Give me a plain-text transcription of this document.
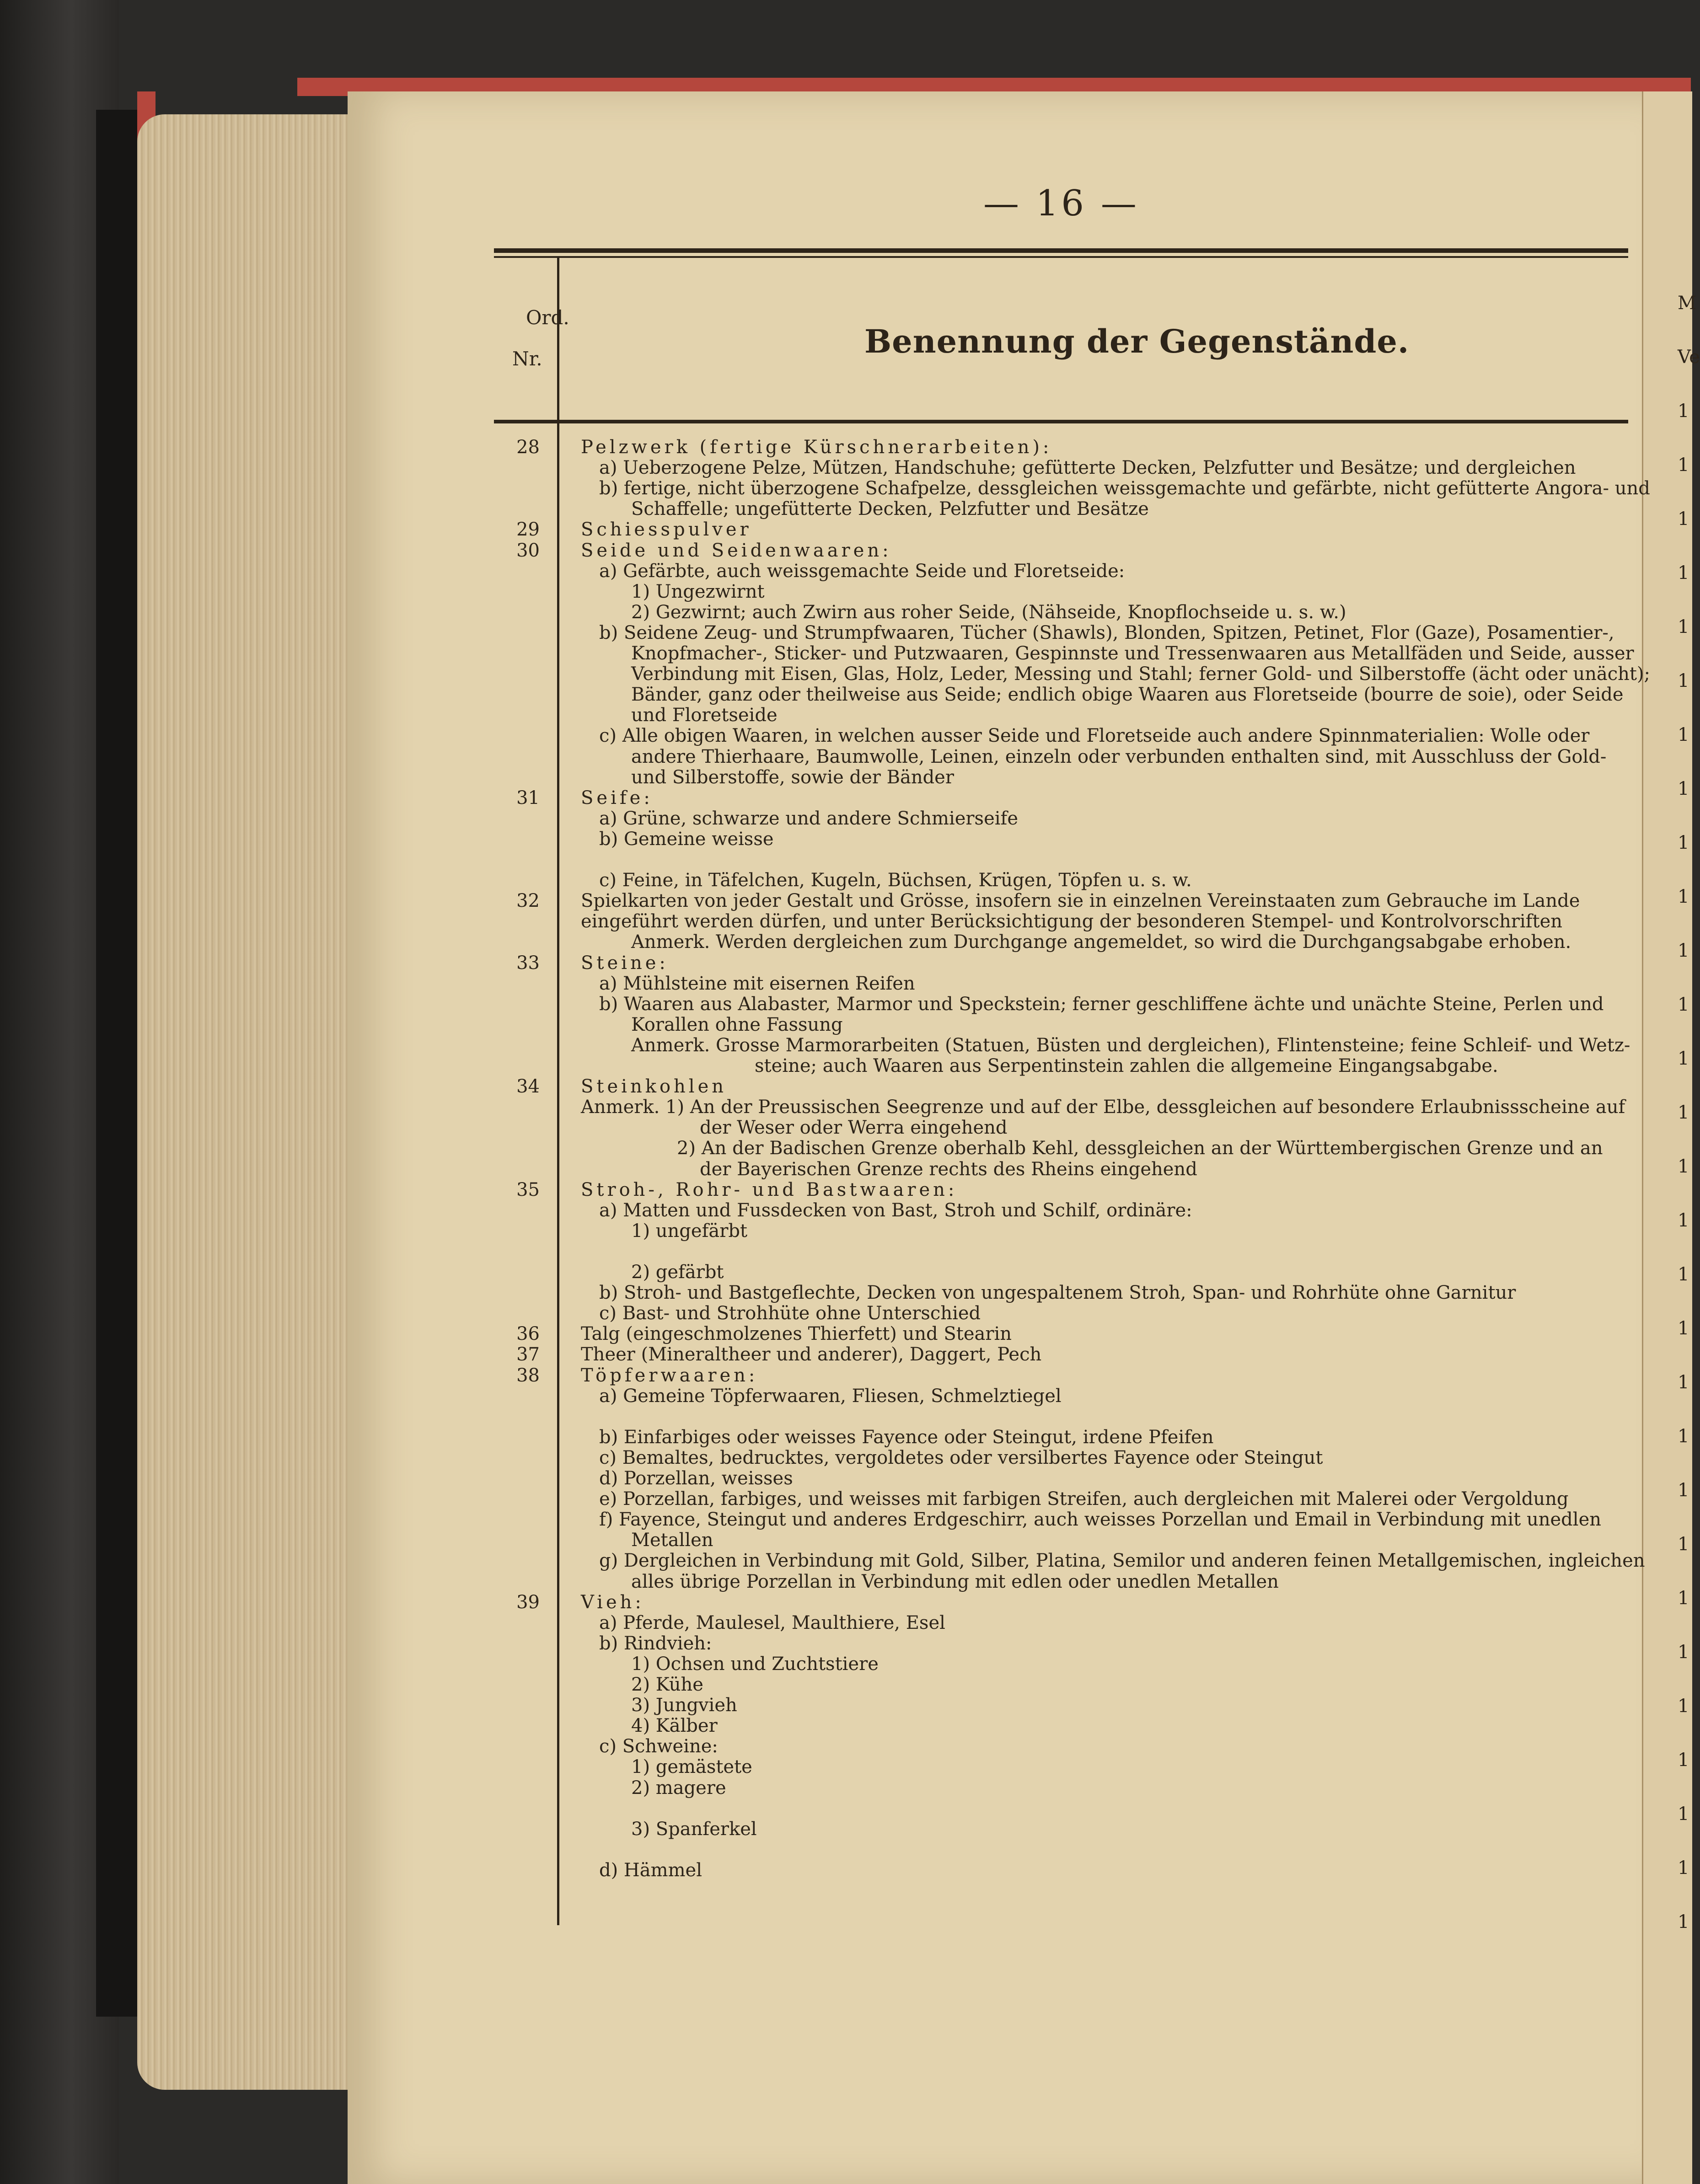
— 16 —
Ord.
Nr.	Benennung der Gegenstände.
28 Pelzwerk (fertige Kürschnerarbeiten):
a) Ueberzogene Pelze, Mützen, Handschuhe; gefütterte Decken, Pelzfutter und Besätze; und dergleichen
b) fertige, nicht überzogene Schafpelze, dessgleichen weissgemachte und gefärbte, nicht gefütterte Angora- und
Schaffelle; ungefütterte Decken, Pelzfutter und Besätze
29 Schiesspulver
30 Seide und Seidenwaaren:
a) Gefärbte, auch weissgemachte Seide und Floretseide:
1) Ungezwirnt
2) Gezwirnt; auch Zwirn aus roher Seide, (Nähseide, Knopflochseide u. s. w.)
b) Seidene Zeug- und Strumpfwaaren, Tücher (Shawls), Blonden, Spitzen, Petinet, Flor (Gaze), Posamentier-,
Knopfmacher-, Sticker- und Putzwaaren, Gespinnste und Tressenwaaren aus Metallfäden und Seide, ausser
Verbindung mit Eisen, Glas, Holz, Leder, Messing und Stahl; ferner Gold- und Silberstoffe (ächt oder unächt);
Bänder, ganz oder theilweise aus Seide; endlich obige Waaren aus Floretseide (bourre de soie), oder Seide
und Floretseide
c) Alle obigen Waaren, in welchen ausser Seide und Floretseide auch andere Spinnmaterialien: Wolle oder
andere Thierhaare, Baumwolle, Leinen, einzeln oder verbunden enthalten sind, mit Ausschluss der Gold-
und Silberstoffe, sowie der Bänder
31 Seife:
a) Grüne, schwarze und andere Schmierseife
b) Gemeine weisse
c) Feine, in Täfelchen, Kugeln, Büchsen, Krügen, Töpfen u. s. w.
32 Spielkarten von jeder Gestalt und Grösse, insofern sie in einzelnen Vereinstaaten zum Gebrauche im Lande
eingeführt werden dürfen, und unter Berücksichtigung der besonderen Stempel- und Kontrolvorschriften
Anmerk. Werden dergleichen zum Durchgange angemeldet, so wird die Durchgangsabgabe erhoben.
33 Steine:
a) Mühlsteine mit eisernen Reifen
b) Waaren aus Alabaster, Marmor und Speckstein; ferner geschliffene ächte und unächte Steine, Perlen und
Korallen ohne Fassung
Anmerk. Grosse Marmorarbeiten (Statuen, Büsten und dergleichen), Flintensteine; feine Schleif- und Wetz-
steine; auch Waaren aus Serpentinstein zahlen die allgemeine Eingangsabgabe.
34 Steinkohlen
Anmerk. 1) An der Preussischen Seegrenze und auf der Elbe, dessgleichen auf besondere Erlaubnissscheine auf
der Weser oder Werra eingehend
2) An der Badischen Grenze oberhalb Kehl, dessgleichen an der Württembergischen Grenze und an
der Bayerischen Grenze rechts des Rheins eingehend
35 Stroh-, Rohr- und Bastwaaren:
a) Matten und Fussdecken von Bast, Stroh und Schilf, ordinäre:
1) ungefärbt
2) gefärbt
b) Stroh- und Bastgeflechte, Decken von ungespaltenem Stroh, Span- und Rohrhüte ohne Garnitur
c) Bast- und Strohhüte ohne Unterschied
36 Talg (eingeschmolzenes Thierfett) und Stearin
37 Theer (Mineraltheer und anderer), Daggert, Pech
38 Töpferwaaren:
a) Gemeine Töpferwaaren, Fliesen, Schmelztiegel
b) Einfarbiges oder weisses Fayence oder Steingut, irdene Pfeifen
c) Bemaltes, bedrucktes, vergoldetes oder versilbertes Fayence oder Steingut
d) Porzellan, weisses
e) Porzellan, farbiges, und weisses mit farbigen Streifen, auch dergleichen mit Malerei oder Vergoldung
f) Fayence, Steingut und anderes Erdgeschirr, auch weisses Porzellan und Email in Verbindung mit unedlen
Metallen
g) Dergleichen in Verbindung mit Gold, Silber, Platina, Semilor und anderen feinen Metallgemischen, ingleichen
alles übrige Porzellan in Verbindung mit edlen oder unedlen Metallen
39 Vieh:
a) Pferde, Maulesel, Maulthiere, Esel
b) Rindvieh:
1) Ochsen und Zuchtstiere
2) Kühe
3) Jungvieh
4) Kälber
c) Schweine:
1) gemästete
2) magere
3) Spanferkel
d) Hämmel
M
Ve
1
1
1
1
1
1
1
1
1
1
1
1
1
1
1
1
1
1
1
1
1
1
1
1
1
1
1
1
1
